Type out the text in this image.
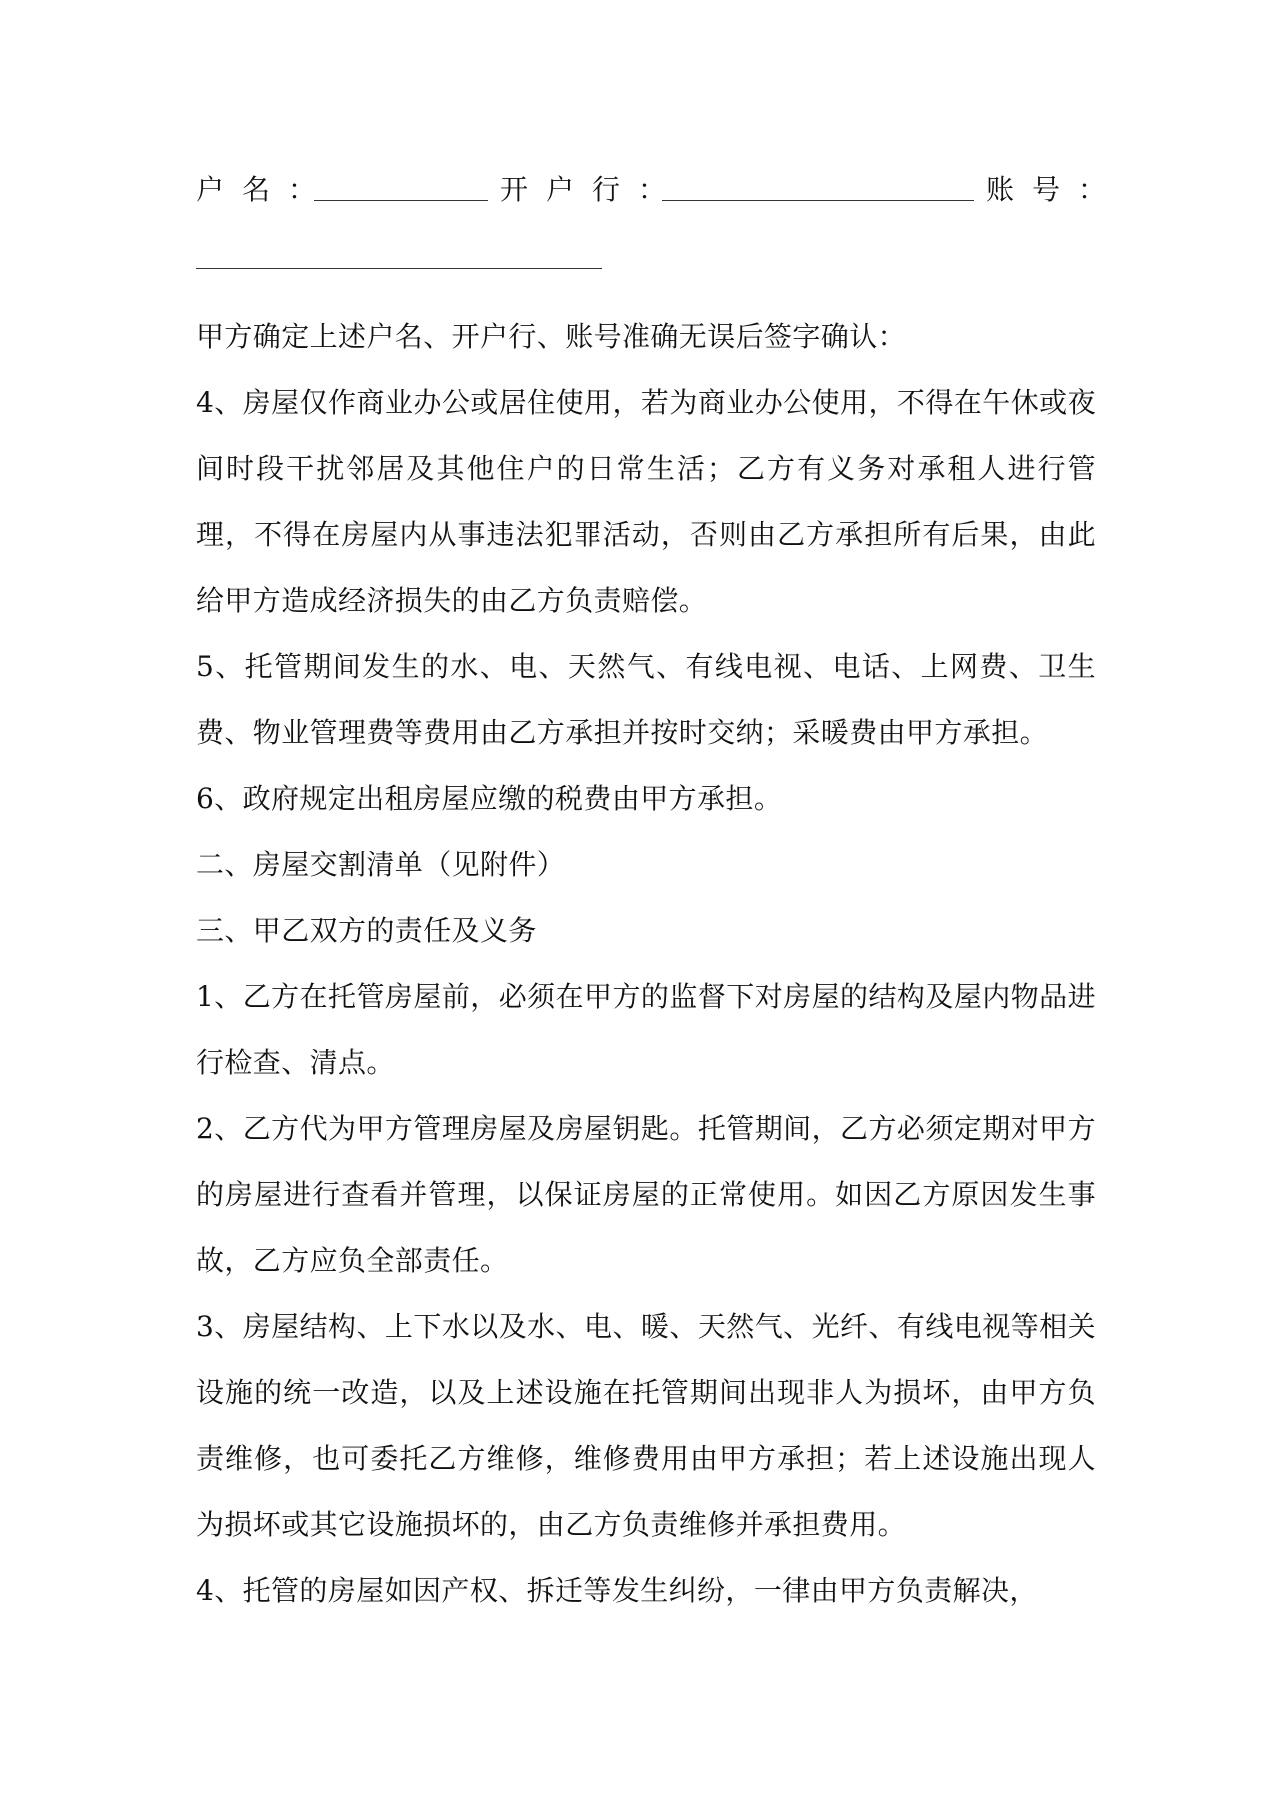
户名：	开户行：	账号：

甲方确定上述户名、开户行、账号准确无误后签字确认：

4、房屋仅作商业办公或居住使用，若为商业办公使用，不得在午休或夜间时段干扰邻居及其他住户的日常生活；乙方有义务对承租人进行管理，不得在房屋内从事违法犯罪活动，否则由乙方承担所有后果，由此给甲方造成经济损失的由乙方负责赔偿。

5、托管期间发生的水、电、天然气、有线电视、电话、上网费、卫生费、物业管理费等费用由乙方承担并按时交纳；采暖费由甲方承担。

6、政府规定出租房屋应缴的税费由甲方承担。

二、房屋交割清单（见附件）

三、甲乙双方的责任及义务

1、乙方在托管房屋前，必须在甲方的监督下对房屋的结构及屋内物品进行检查、清点。

2、乙方代为甲方管理房屋及房屋钥匙。托管期间，乙方必须定期对甲方的房屋进行查看并管理，以保证房屋的正常使用。如因乙方原因发生事故，乙方应负全部责任。

3、房屋结构、上下水以及水、电、暖、天然气、光纤、有线电视等相关设施的统一改造，以及上述设施在托管期间出现非人为损坏，由甲方负责维修，也可委托乙方维修，维修费用由甲方承担；若上述设施出现人为损坏或其它设施损坏的，由乙方负责维修并承担费用。

4、托管的房屋如因产权、拆迁等发生纠纷，一律由甲方负责解决，
